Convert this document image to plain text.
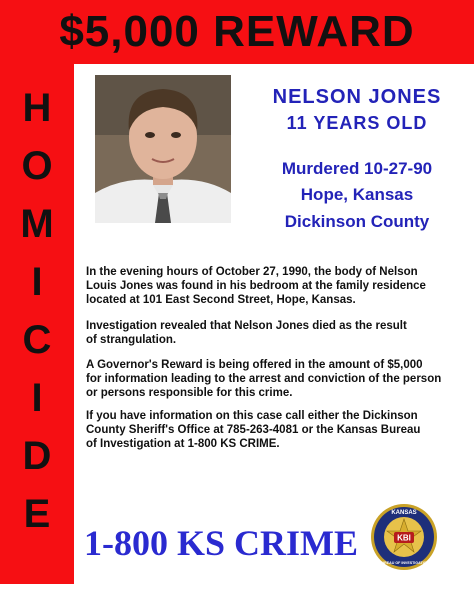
$5,000 REWARD
H
O
M
I
C
I
D
E
NELSON JONES
11 YEARS OLD
Murdered 10-27-90
Hope, Kansas
Dickinson County
In the evening hours of October 27, 1990, the body of Nelson
Louis Jones was found in his bedroom at the family residence
located at 101 East Second Street, Hope, Kansas.
Investigation revealed that Nelson Jones died as the result
of strangulation.
A Governor's Reward is being offered in the amount of $5,000
for information leading to the arrest and conviction of the person
or persons responsible for this crime.
If you have information on this case call either the Dickinson
County Sheriff's Office at 785-263-4081 or the Kansas Bureau
of Investigation at 1-800 KS CRIME.
1-800 KS CRIME	KBI
KANSAS
BUREAU OF INVESTIGATION
